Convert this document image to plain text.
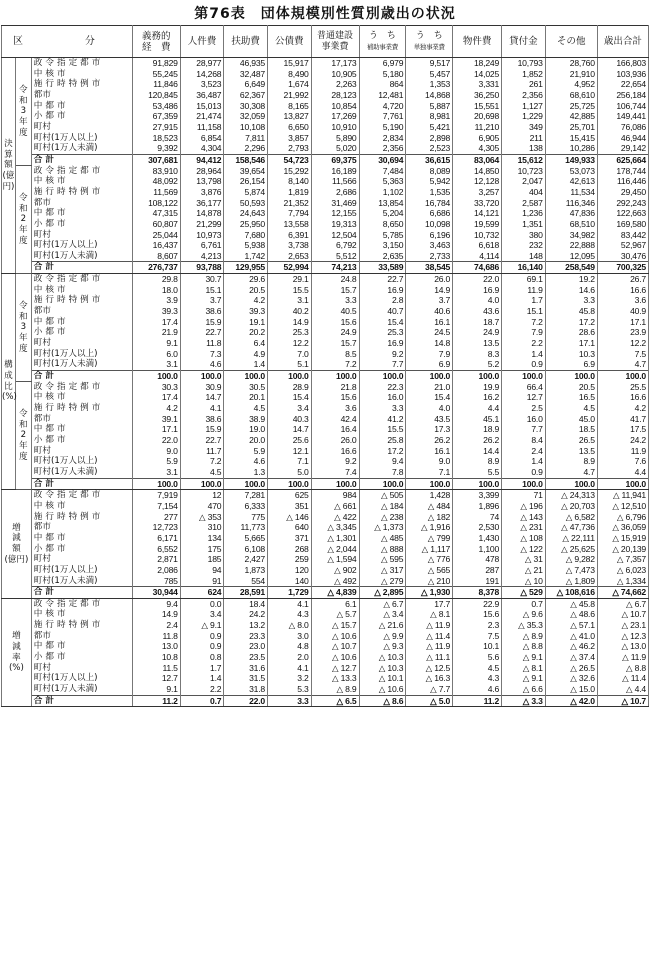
第76表　団体規模別性質別歳出の状況
区　分			義務的
経　費	人件費	扶助費	公債費	普通建設
事業費	う　ち
補助事業費	う　ち
単独事業費	物件費	貸付金	その他	歳出合計

決
算
額
(億円)	令
和
3
年
度	政令指定都市	91,829	28,977	46,935	15,917	17,173	6,979	9,517	18,249	10,793	28,760	166,803
		中核市	55,245	14,268	32,487	8,490	10,905	5,180	5,457	14,025	1,852	21,910	103,936
		施行時特例市	11,846	3,523	6,649	1,674	2,263	864	1,353	3,331	261	4,952	22,654
		都市	120,845	36,487	62,367	21,992	28,123	12,481	14,868	36,250	2,356	68,610	256,184
		中都市	53,486	15,013	30,308	8,165	10,854	4,720	5,887	15,551	1,127	25,725	106,744
		小都市	67,359	21,474	32,059	13,827	17,269	7,761	8,981	20,698	1,229	42,885	149,441
		町村	27,915	11,158	10,108	6,650	10,910	5,190	5,421	11,210	349	25,701	76,086
		町村(1万人以上)	18,523	6,854	7,811	3,857	5,890	2,834	2,898	6,905	211	15,415	46,944
		町村(1万人未満)	9,392	4,304	2,296	2,793	5,020	2,356	2,523	4,305	138	10,286	29,142
		合計	307,681	94,412	158,546	54,723	69,375	30,694	36,615	83,064	15,612	149,933	625,664

	令
和
2
年
度	政令指定都市	83,910	28,964	39,654	15,292	16,189	7,484	8,089	14,850	10,723	53,073	178,744
		中核市	48,092	13,798	26,154	8,140	11,566	5,363	5,942	12,128	2,047	42,613	116,446
		施行時特例市	11,569	3,876	5,874	1,819	2,686	1,102	1,535	3,257	404	11,534	29,450
		都市	108,122	36,177	50,593	21,352	31,469	13,854	16,784	33,720	2,587	116,346	292,243
		中都市	47,315	14,878	24,643	7,794	12,155	5,204	6,686	14,121	1,236	47,836	122,663
		小都市	60,807	21,299	25,950	13,558	19,313	8,650	10,098	19,599	1,351	68,510	169,580
		町村	25,044	10,973	7,680	6,391	12,504	5,785	6,196	10,732	380	34,982	83,442
		町村(1万人以上)	16,437	6,761	5,938	3,738	6,792	3,150	3,463	6,618	232	22,888	52,967
		町村(1万人未満)	8,607	4,213	1,742	2,653	5,512	2,635	2,733	4,114	148	12,095	30,476
		合計	276,737	93,788	129,955	52,994	74,213	33,589	38,545	74,686	16,140	258,549	700,325

構
成
比
(%)	令
和
3
年
度	政令指定都市	29.8	30.7	29.6	29.1	24.8	22.7	26.0	22.0	69.1	19.2	26.7
		中核市	18.0	15.1	20.5	15.5	15.7	16.9	14.9	16.9	11.9	14.6	16.6
		施行時特例市	3.9	3.7	4.2	3.1	3.3	2.8	3.7	4.0	1.7	3.3	3.6
		都市	39.3	38.6	39.3	40.2	40.5	40.7	40.6	43.6	15.1	45.8	40.9
		中都市	17.4	15.9	19.1	14.9	15.6	15.4	16.1	18.7	7.2	17.2	17.1
		小都市	21.9	22.7	20.2	25.3	24.9	25.3	24.5	24.9	7.9	28.6	23.9
		町村	9.1	11.8	6.4	12.2	15.7	16.9	14.8	13.5	2.2	17.1	12.2
		町村(1万人以上)	6.0	7.3	4.9	7.0	8.5	9.2	7.9	8.3	1.4	10.3	7.5
		町村(1万人未満)	3.1	4.6	1.4	5.1	7.2	7.7	6.9	5.2	0.9	6.9	4.7
		合計	100.0	100.0	100.0	100.0	100.0	100.0	100.0	100.0	100.0	100.0	100.0

	令
和
2
年
度	政令指定都市	30.3	30.9	30.5	28.9	21.8	22.3	21.0	19.9	66.4	20.5	25.5
		中核市	17.4	14.7	20.1	15.4	15.6	16.0	15.4	16.2	12.7	16.5	16.6
		施行時特例市	4.2	4.1	4.5	3.4	3.6	3.3	4.0	4.4	2.5	4.5	4.2
		都市	39.1	38.6	38.9	40.3	42.4	41.2	43.5	45.1	16.0	45.0	41.7
		中都市	17.1	15.9	19.0	14.7	16.4	15.5	17.3	18.9	7.7	18.5	17.5
		小都市	22.0	22.7	20.0	25.6	26.0	25.8	26.2	26.2	8.4	26.5	24.2
		町村	9.0	11.7	5.9	12.1	16.6	17.2	16.1	14.4	2.4	13.5	11.9
		町村(1万人以上)	5.9	7.2	4.6	7.1	9.2	9.4	9.0	8.9	1.4	8.9	7.6
		町村(1万人未満)	3.1	4.5	1.3	5.0	7.4	7.8	7.1	5.5	0.9	4.7	4.4
		合計	100.0	100.0	100.0	100.0	100.0	100.0	100.0	100.0	100.0	100.0	100.0

増
減
額
(億円)		政令指定都市	7,919	12	7,281	625	984	△ 505	1,428	3,399	71	△ 24,313	△ 11,941
		中核市	7,154	470	6,333	351	△ 661	△ 184	△ 484	1,896	△ 196	△ 20,703	△ 12,510
		施行時特例市	277	△ 353	775	△ 146	△ 422	△ 238	△ 182	74	△ 143	△ 6,582	△ 6,796
		都市	12,723	310	11,773	640	△ 3,345	△ 1,373	△ 1,916	2,530	△ 231	△ 47,736	△ 36,059
		中都市	6,171	134	5,665	371	△ 1,301	△ 485	△ 799	1,430	△ 108	△ 22,111	△ 15,919
		小都市	6,552	175	6,108	268	△ 2,044	△ 888	△ 1,117	1,100	△ 122	△ 25,625	△ 20,139
		町村	2,871	185	2,427	259	△ 1,594	△ 595	△ 776	478	△ 31	△ 9,282	△ 7,357
		町村(1万人以上)	2,086	94	1,873	120	△ 902	△ 317	△ 565	287	△ 21	△ 7,473	△ 6,023
		町村(1万人未満)	785	91	554	140	△ 492	△ 279	△ 210	191	△ 10	△ 1,809	△ 1,334
		合計	30,944	624	28,591	1,729	△ 4,839	△ 2,895	△ 1,930	8,378	△ 529	△ 108,616	△ 74,662

増
減
率
(%)		政令指定都市	9.4	0.0	18.4	4.1	6.1	△ 6.7	17.7	22.9	0.7	△ 45.8	△ 6.7
		中核市	14.9	3.4	24.2	4.3	△ 5.7	△ 3.4	△ 8.1	15.6	△ 9.6	△ 48.6	△ 10.7
		施行時特例市	2.4	△ 9.1	13.2	△ 8.0	△ 15.7	△ 21.6	△ 11.9	2.3	△ 35.3	△ 57.1	△ 23.1
		都市	11.8	0.9	23.3	3.0	△ 10.6	△ 9.9	△ 11.4	7.5	△ 8.9	△ 41.0	△ 12.3
		中都市	13.0	0.9	23.0	4.8	△ 10.7	△ 9.3	△ 11.9	10.1	△ 8.8	△ 46.2	△ 13.0
		小都市	10.8	0.8	23.5	2.0	△ 10.6	△ 10.3	△ 11.1	5.6	△ 9.1	△ 37.4	△ 11.9
		町村	11.5	1.7	31.6	4.1	△ 12.7	△ 10.3	△ 12.5	4.5	△ 8.1	△ 26.5	△ 8.8
		町村(1万人以上)	12.7	1.4	31.5	3.2	△ 13.3	△ 10.1	△ 16.3	4.3	△ 9.1	△ 32.6	△ 11.4
		町村(1万人未満)	9.1	2.2	31.8	5.3	△ 8.9	△ 10.6	△ 7.7	4.6	△ 6.6	△ 15.0	△ 4.4
		合計	11.2	0.7	22.0	3.3	△ 6.5	△ 8.6	△ 5.0	11.2	△ 3.3	△ 42.0	△ 10.7
